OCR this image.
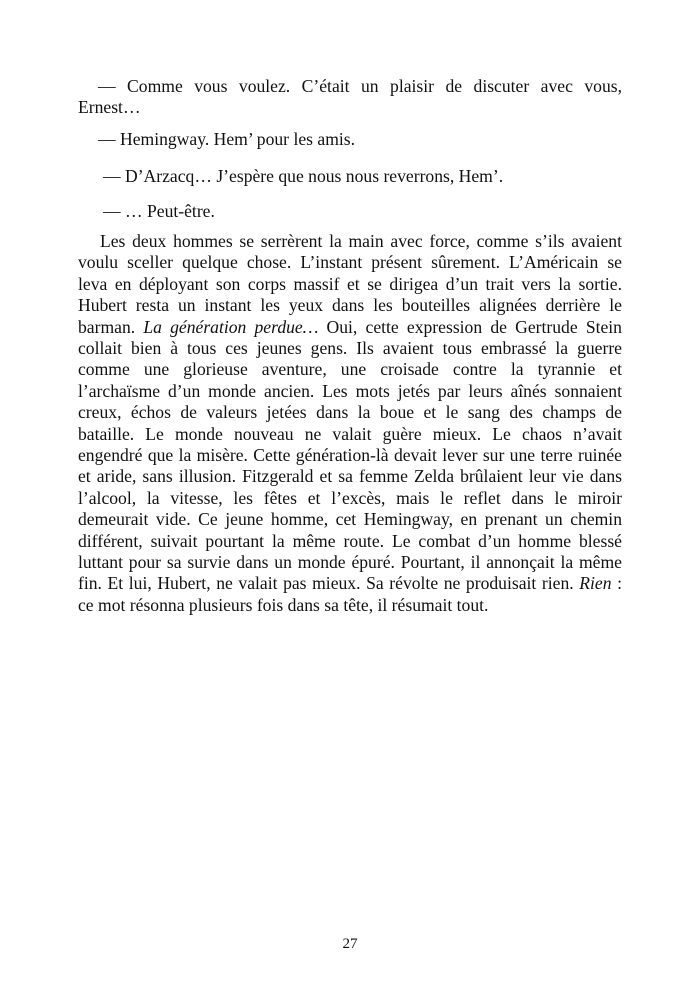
— Comme vous voulez. C’était un plaisir de discuter avec vous,
Ernest…
— Hemingway. Hem’ pour les amis.
— D’Arzacq… J’espère que nous nous reverrons, Hem’.
— … Peut-être.
Les deux hommes se serrèrent la main avec force, comme s’ils avaient
voulu sceller quelque chose. L’instant présent sûrement. L’Américain se
leva en déployant son corps massif et se dirigea d’un trait vers la sortie.
Hubert resta un instant les yeux dans les bouteilles alignées derrière le
barman. La génération perdue… Oui, cette expression de Gertrude Stein
collait bien à tous ces jeunes gens. Ils avaient tous embrassé la guerre
comme une glorieuse aventure, une croisade contre la tyrannie et
l’archaïsme d’un monde ancien. Les mots jetés par leurs aînés sonnaient
creux, échos de valeurs jetées dans la boue et le sang des champs de
bataille. Le monde nouveau ne valait guère mieux. Le chaos n’avait
engendré que la misère. Cette génération-là devait lever sur une terre ruinée
et aride, sans illusion. Fitzgerald et sa femme Zelda brûlaient leur vie dans
l’alcool, la vitesse, les fêtes et l’excès, mais le reflet dans le miroir
demeurait vide. Ce jeune homme, cet Hemingway, en prenant un chemin
différent, suivait pourtant la même route. Le combat d’un homme blessé
luttant pour sa survie dans un monde épuré. Pourtant, il annonçait la même
fin. Et lui, Hubert, ne valait pas mieux. Sa révolte ne produisait rien. Rien :
ce mot résonna plusieurs fois dans sa tête, il résumait tout.
27
